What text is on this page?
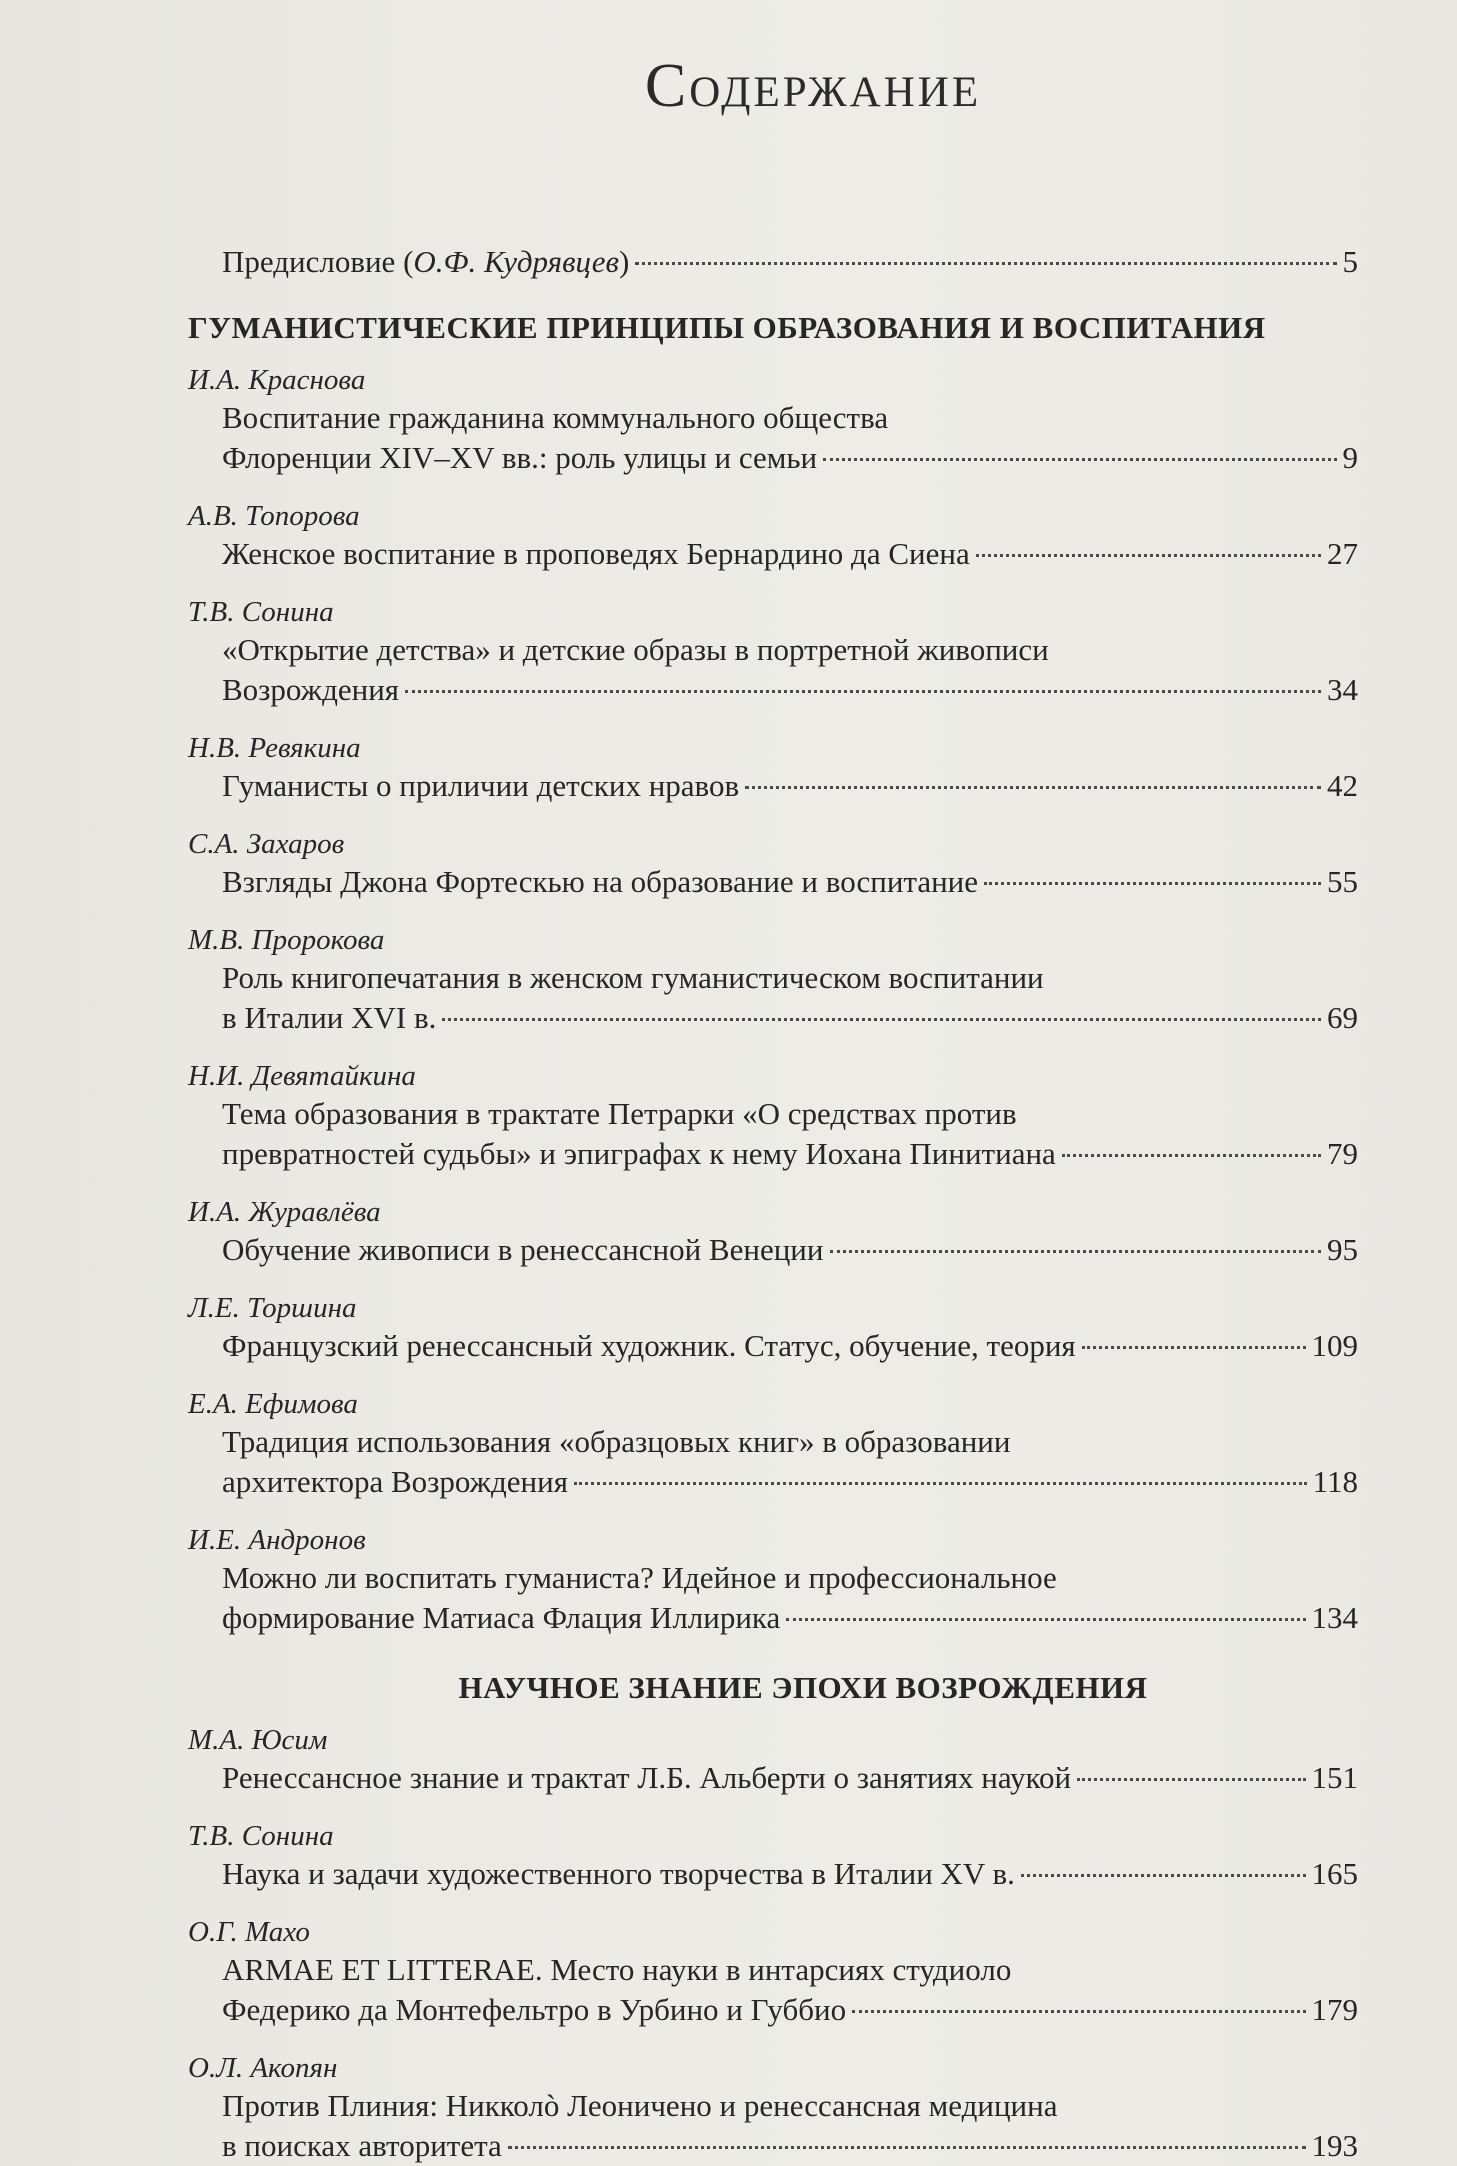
Содержание
Предисловие (О.Ф. Кудрявцев)	5
ГУМАНИСТИЧЕСКИЕ ПРИНЦИПЫ ОБРАЗОВАНИЯ И ВОСПИТАНИЯ
И.А. Краснова
Воспитание гражданина коммунального общества
Флоренции XIV–XV вв.: роль улицы и семьи	9
А.В. Топорова
Женское воспитание в проповедях Бернардино да Сиена	27
Т.В. Сонина
«Открытие детства» и детские образы в портретной живописи
Возрождения	34
Н.В. Ревякина
Гуманисты о приличии детских нравов	42
С.А. Захаров
Взгляды Джона Фортескью на образование и воспитание	55
М.В. Пророкова
Роль книгопечатания в женском гуманистическом воспитании
в Италии XVI в.	69
Н.И. Девятайкина
Тема образования в трактате Петрарки «О средствах против
превратностей судьбы» и эпиграфах к нему Иохана Пинитиана	79
И.А. Журавлёва
Обучение живописи в ренессансной Венеции	95
Л.Е. Торшина
Французский ренессансный художник. Статус, обучение, теория	109
Е.А. Ефимова
Традиция использования «образцовых книг» в образовании
архитектора Возрождения	118
И.Е. Андронов
Можно ли воспитать гуманиста? Идейное и профессиональное
формирование Матиаса Флация Иллирика	134
НАУЧНОЕ ЗНАНИЕ ЭПОХИ ВОЗРОЖДЕНИЯ
М.А. Юсим
Ренессансное знание и трактат Л.Б. Альберти о занятиях наукой	151
Т.В. Сонина
Наука и задачи художественного творчества в Италии XV в.	165
О.Г. Махо
ARMAE ET LITTERAE. Место науки в интарсиях студиоло
Федерико да Монтефельтро в Урбино и Губбио	179
О.Л. Акопян
Против Плиния: Никколò Леоничено и ренессансная медицина
в поисках авторитета	193
